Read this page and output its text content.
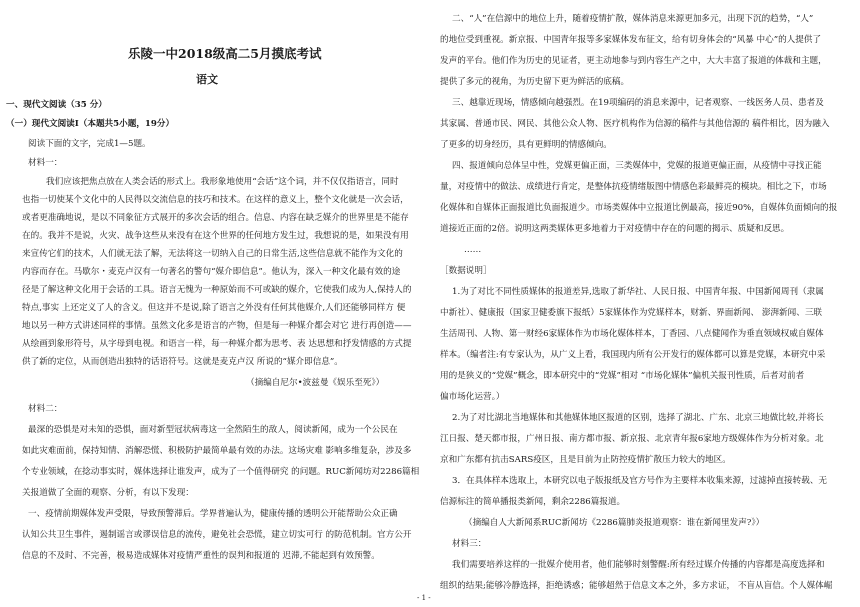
乐陵一中2018级高二5月摸底考试
语文
一、现代文阅读（35 分）
（一）现代文阅读Ⅰ（本题共5小题，19分）
阅读下面的文字，完成1—5题。
材料一：
我们应该把焦点放在人类会话的形式上。我形象地使用“会话”这个词，并不仅仅指语言，同时
也指一切使某个文化中的人民得以交流信息的技巧和技术。在这样的意义上，整个文化就是一次会话，
或者更准确地说，是以不同象征方式展开的多次会话的组合。信息、内容在缺乏媒介的世界里是不能存
在的。我并不是说，火灾、战争这些从来没有在这个世界的任何地方发生过，我想说的是，如果没有用
来宣传它们的技术，人们就无法了解，无法将这一切纳入自己的日常生活,这些信息就不能作为文化的
内容而存在。马歇尔・麦克卢汉有一句著名的警句“媒介即信息”。他认为，深入一种文化最有效的途
径是了解这种文化用于会话的工具。语言无愧为一种原始而不可或缺的媒介，它使我们成为人,保持人的
特点,事实 上还定义了人的含义。但这并不是说,除了语言之外没有任何其他媒介,人们还能够同样方 便
地以另一种方式讲述同样的事情。虽然文化多是语言的产物，但是每一种媒介都会对它 进行再创造——
从绘画到象形符号，从字母到电视。和语言一样，每一种媒介都为思考、表 达思想和抒发情感的方式提
供了新的定位，从而创造出独特的话语符号。这就是麦克卢汉 所说的“媒介即信息”。
（摘编自尼尔•波兹曼《娱乐至死》）
材料二：
最深的恐惧是对未知的恐惧，面对新型冠状病毒这一全然陌生的敌人，阅读新闻，成为一个公民在
如此灾难面前，保持知情、消解恐慌、积极防护最简单最有效的办法。这场灾难 影响多维复杂，涉及多
个专业领域，在捻动事实时，媒体选择让谁发声，成为了一个值得研究 的问题。RUC新闻坊对2286篇相
关报道做了全面的观察、分析，有以下发现：
一、疫情前期媒体发声受限，导致预警滞后。学界普遍认为，健康传播的透明公开能帮助公众正确
认知公共卫生事件，遏制谣言或谬误信息的流传，避免社会恐慌，建立切实可行 的防范机制。官方公开
信息的不及时、不完善，极易造成媒体对疫情严重性的误判和报道的 迟滞,不能起到有效预警。
二、“人”在信源中的地位上升，随着疫情扩散，媒体消息来源更加多元，出现下沉的趋势，“人”
的地位受到重视。新京报、中国青年报等多家媒体发布征文，给有切身体会的“风暴 中心”的人提供了
发声的平台。他们作为历史的见证者，更主动地参与到内容生产之中，大大丰富了报道的体裁和主题，
提供了多元的视角，为历史留下更为鲜活的底稿。
三、越靠近现场，情感倾向越强烈。在19项编码的消息来源中，记者观察、一线医务人员、患者及
其家属、普通市民、网民、其他公众人物、医疗机构作为信源的稿件与其他信源的 稿件相比，因为融入
了更多的切身经历，具有更鲜明的情感倾向。
四、报道倾向总体呈中性，党媒更偏正面，三类媒体中，党媒的报道更偏正面，从疫情中寻找正能
量，对疫情中的做法、成绩进行肯定，是整体抗疫情绪版图中情感色彩最鲜亮的模块。相比之下，市场
化媒体和自媒体正面报道比负面报道少。市场类媒体中立报道比例最高，接近90%，自媒体负面倾向的报
道接近正面的2倍。说明这两类媒体更多地着力于对疫情中存在的问题的揭示、质疑和反思。
……
［数据说明］
1.为了对比不同性质媒体的报道差异,选取了新华社、人民日报、中国青年报、中国新闻周刊（隶属
中新社）、健康报（国家卫健委旗下报纸）5家媒体作为党媒样本，财新、界面新闻、 澎湃新闻、三联
生活周刊、人物、第一财经6家媒体作为市场化媒体样本，丁香园、八点健闻作为垂直领域权威自媒体
样本。（编者注:有专家认为，从广义上看，我国现内所有公开发行的媒体都可以算是党媒，本研究中采
用的是狭义的“党媒”概念，即本研究中的“党媒”相对 “市场化媒体”偏机关报刊性质，后者对前者
偏市场化运营。）
2.为了对比湖北当地媒体和其他媒体地区报道的区别，选择了湖北、广东、北京三地做比较,并将长
江日报、楚天都市报，广州日报、南方都市报、新京报、北京青年报6家地方级媒体作为分析对象。北
京和广东都有抗击SARS疫区，且是目前为止防控疫情扩散压力较大的地区。
3．在具体样本选取上，本研究以电子版报纸及官方号作为主要样本收集来源，过滤掉直接转载、无
信源标注的简单播报类新闻，剩余2286篇报道。
（摘编自人大新闻系RUC新闻坊《2286篇肺炎报道观察：谁在新闻里发声?》）
材料三：
我们需要培养这样的一批媒介使用者，他们能够时刻警醒:所有经过媒介传播的内容都是高度选择和
组织的结果;能够冷静选择，拒绝诱惑；能够超然于信息文本之外，多方求证， 不盲从盲信。个人媒体崛
- 1 -
